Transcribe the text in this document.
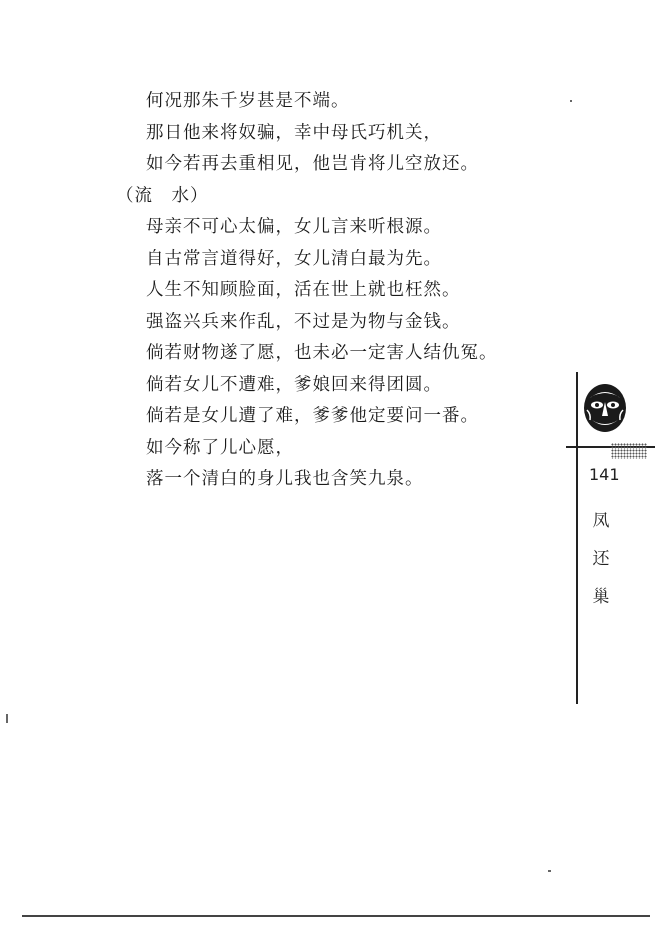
何况那朱千岁甚是不端。
那日他来将奴骗，幸中母氏巧机关，
如今若再去重相见，他岂肯将儿空放还。
（流　水）
母亲不可心太偏，女儿言来听根源。
自古常言道得好，女儿清白最为先。
人生不知顾脸面，活在世上就也枉然。
强盗兴兵来作乱，不过是为物与金钱。
倘若财物遂了愿，也未必一定害人结仇冤。
倘若女儿不遭难，爹娘回来得团圆。
倘若是女儿遭了难，爹爹他定要问一番。
如今称了儿心愿，
落一个清白的身儿我也含笑九泉。	141
凤
还
巢
